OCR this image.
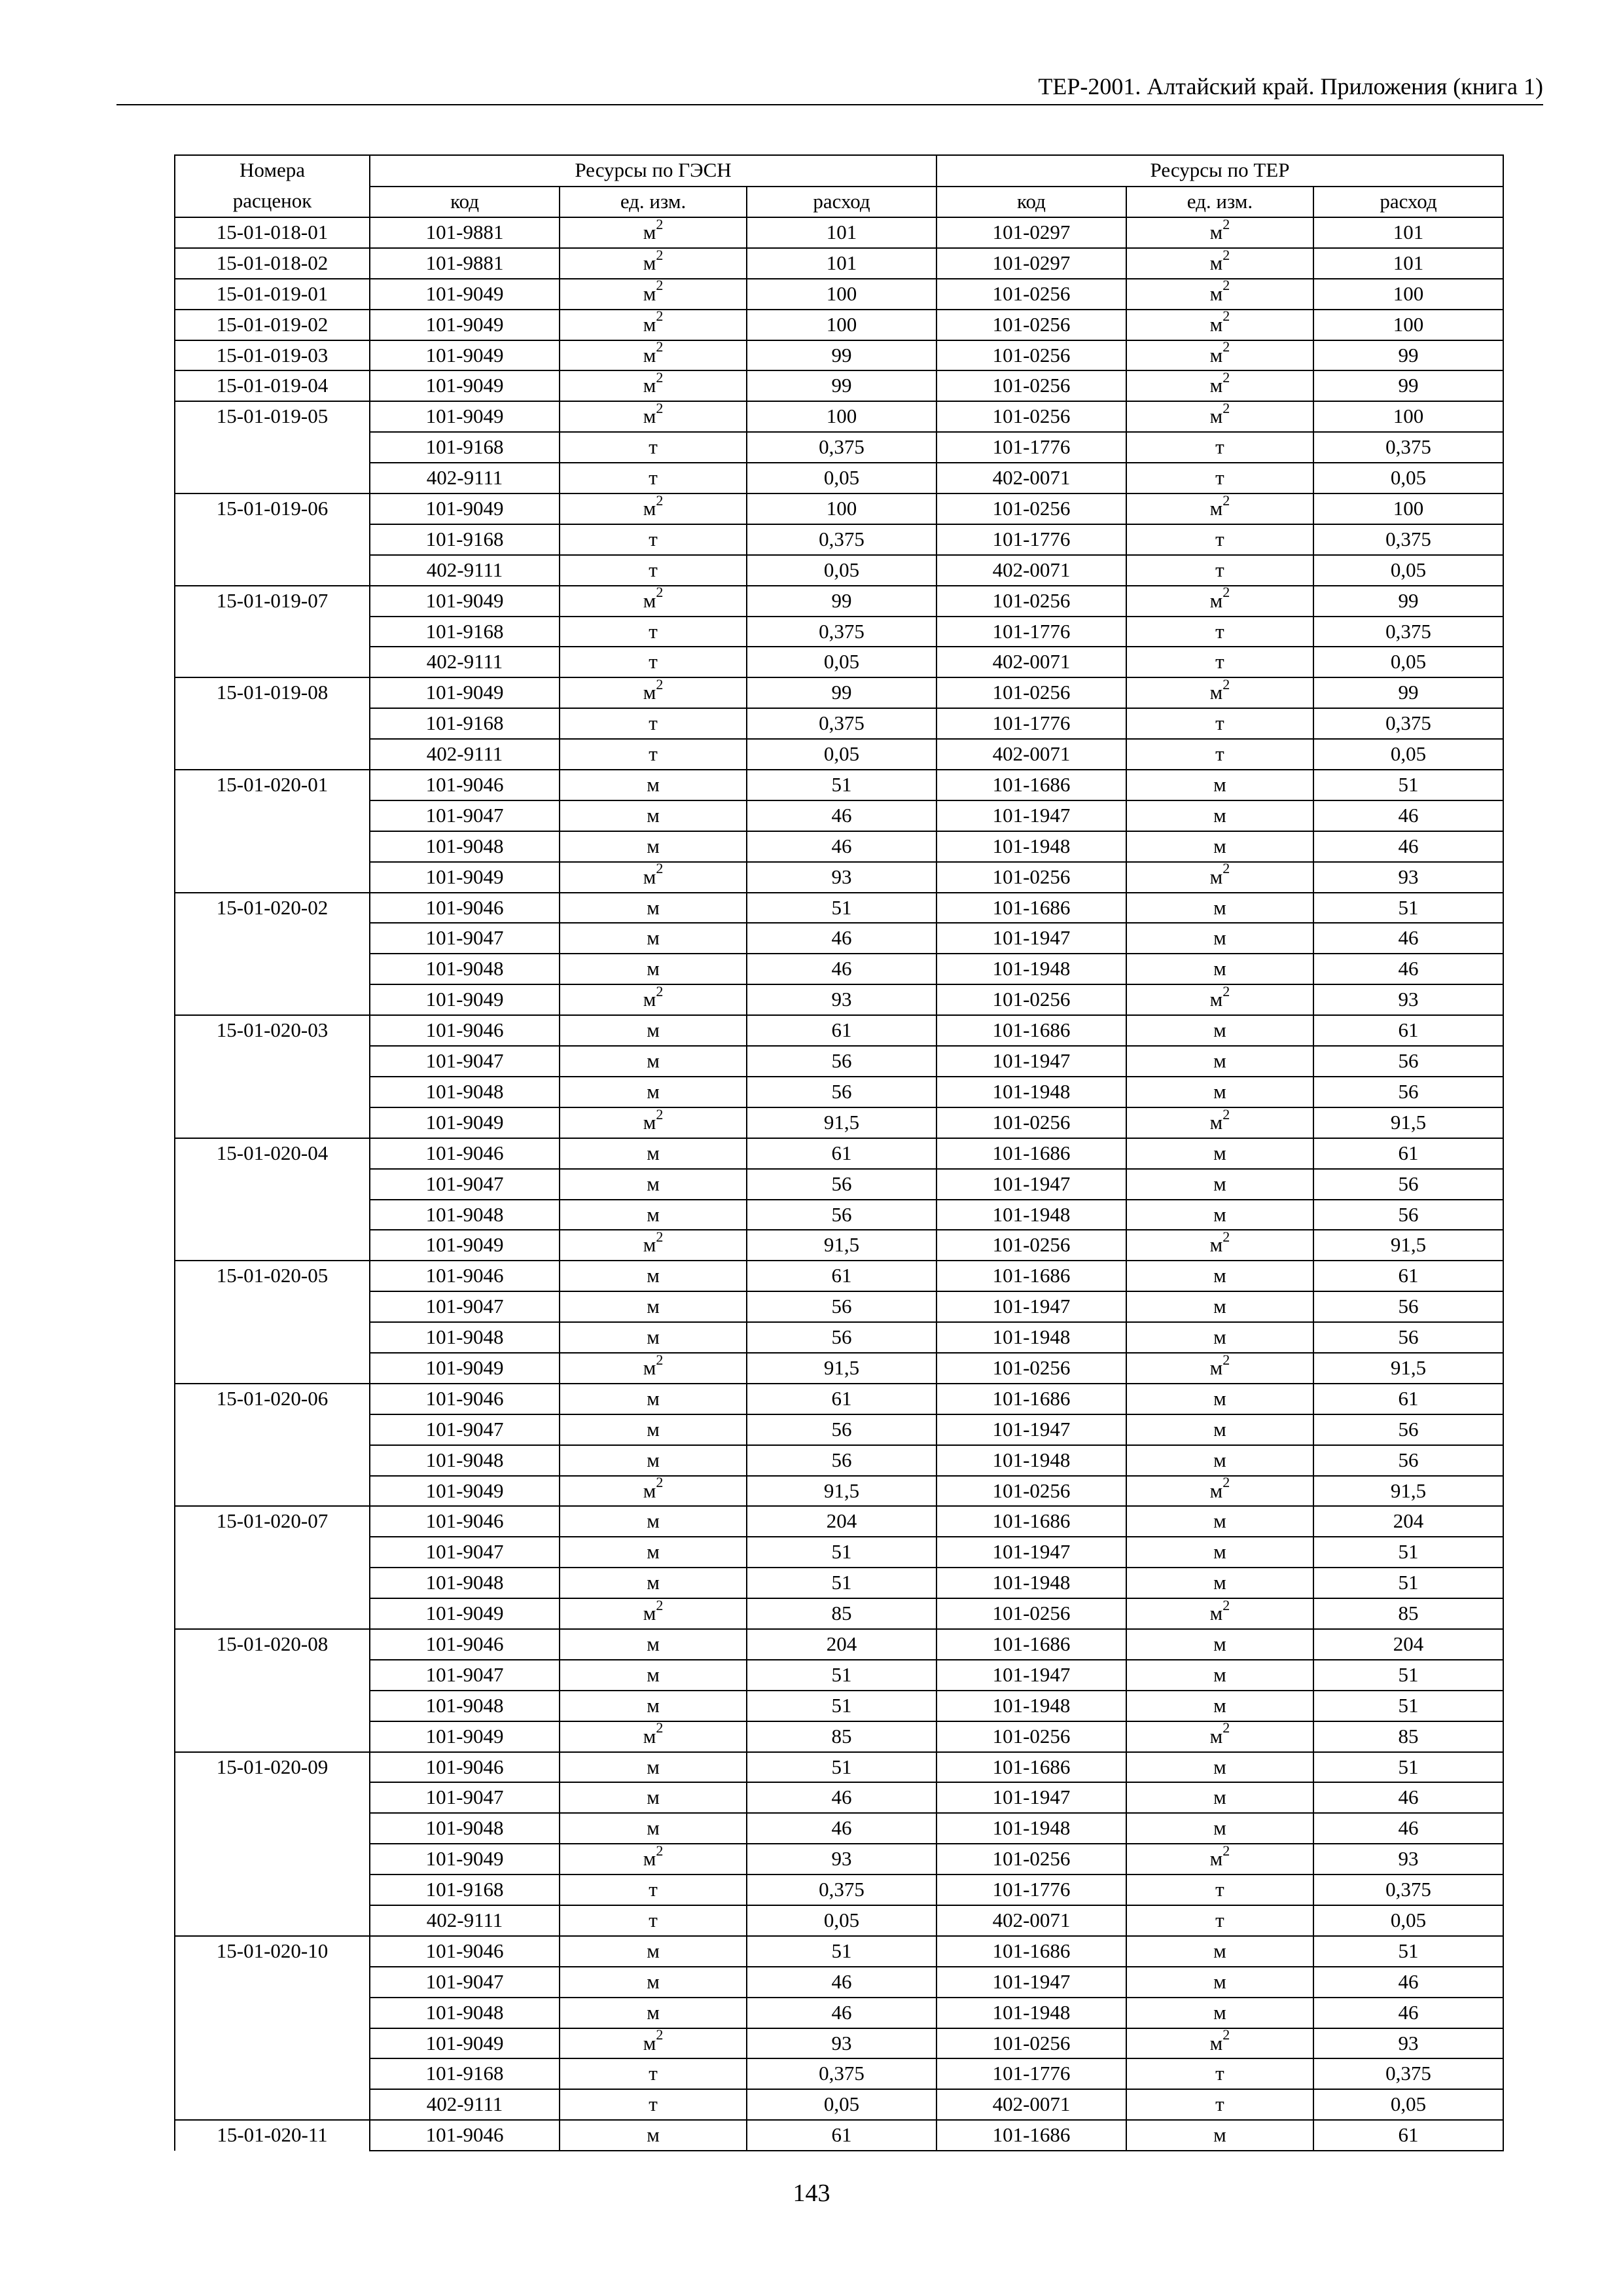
ТЕР-2001. Алтайский край. Приложения (книга 1)
Номера	Ресурсы по ГЭСН			Ресурсы по ТЕР		
расценок	код	ед. изм.	расход	код	ед. изм.	расход
15-01-018-01	101-9881	$м^2$	101	101-0297	$м^2$	101
15-01-018-02	101-9881	$м^2$	101	101-0297	$м^2$	101
15-01-019-01	101-9049	$м^2$	100	101-0256	$м^2$	100
15-01-019-02	101-9049	$м^2$	100	101-0256	$м^2$	100
15-01-019-03	101-9049	$м^2$	99	101-0256	$м^2$	99
15-01-019-04	101-9049	$м^2$	99	101-0256	$м^2$	99
15-01-019-05	101-9049	$м^2$	100	101-0256	$м^2$	100
	101-9168	т	0,375	101-1776	т	0,375
	402-9111	т	0,05	402-0071	т	0,05
15-01-019-06	101-9049	$м^2$	100	101-0256	$м^2$	100
	101-9168	т	0,375	101-1776	т	0,375
	402-9111	т	0,05	402-0071	т	0,05
15-01-019-07	101-9049	$м^2$	99	101-0256	$м^2$	99
	101-9168	т	0,375	101-1776	т	0,375
	402-9111	т	0,05	402-0071	т	0,05
15-01-019-08	101-9049	$м^2$	99	101-0256	$м^2$	99
	101-9168	т	0,375	101-1776	т	0,375
	402-9111	т	0,05	402-0071	т	0,05
15-01-020-01	101-9046	м	51	101-1686	м	51
	101-9047	м	46	101-1947	м	46
	101-9048	м	46	101-1948	м	46
	101-9049	$м^2$	93	101-0256	$м^2$	93
15-01-020-02	101-9046	м	51	101-1686	м	51
	101-9047	м	46	101-1947	м	46
	101-9048	м	46	101-1948	м	46
	101-9049	$м^2$	93	101-0256	$м^2$	93
15-01-020-03	101-9046	м	61	101-1686	м	61
	101-9047	м	56	101-1947	м	56
	101-9048	м	56	101-1948	м	56
	101-9049	$м^2$	91,5	101-0256	$м^2$	91,5
15-01-020-04	101-9046	м	61	101-1686	м	61
	101-9047	м	56	101-1947	м	56
	101-9048	м	56	101-1948	м	56
	101-9049	$м^2$	91,5	101-0256	$м^2$	91,5
15-01-020-05	101-9046	м	61	101-1686	м	61
	101-9047	м	56	101-1947	м	56
	101-9048	м	56	101-1948	м	56
	101-9049	$м^2$	91,5	101-0256	$м^2$	91,5
15-01-020-06	101-9046	м	61	101-1686	м	61
	101-9047	м	56	101-1947	м	56
	101-9048	м	56	101-1948	м	56
	101-9049	$м^2$	91,5	101-0256	$м^2$	91,5
15-01-020-07	101-9046	м	204	101-1686	м	204
	101-9047	м	51	101-1947	м	51
	101-9048	м	51	101-1948	м	51
	101-9049	$м^2$	85	101-0256	$м^2$	85
15-01-020-08	101-9046	м	204	101-1686	м	204
	101-9047	м	51	101-1947	м	51
	101-9048	м	51	101-1948	м	51
	101-9049	$м^2$	85	101-0256	$м^2$	85
15-01-020-09	101-9046	м	51	101-1686	м	51
	101-9047	м	46	101-1947	м	46
	101-9048	м	46	101-1948	м	46
	101-9049	$м^2$	93	101-0256	$м^2$	93
	101-9168	т	0,375	101-1776	т	0,375
	402-9111	т	0,05	402-0071	т	0,05
15-01-020-10	101-9046	м	51	101-1686	м	51
	101-9047	м	46	101-1947	м	46
	101-9048	м	46	101-1948	м	46
	101-9049	$м^2$	93	101-0256	$м^2$	93
	101-9168	т	0,375	101-1776	т	0,375
	402-9111	т	0,05	402-0071	т	0,05
15-01-020-11	101-9046	м	61	101-1686	м	61
143
